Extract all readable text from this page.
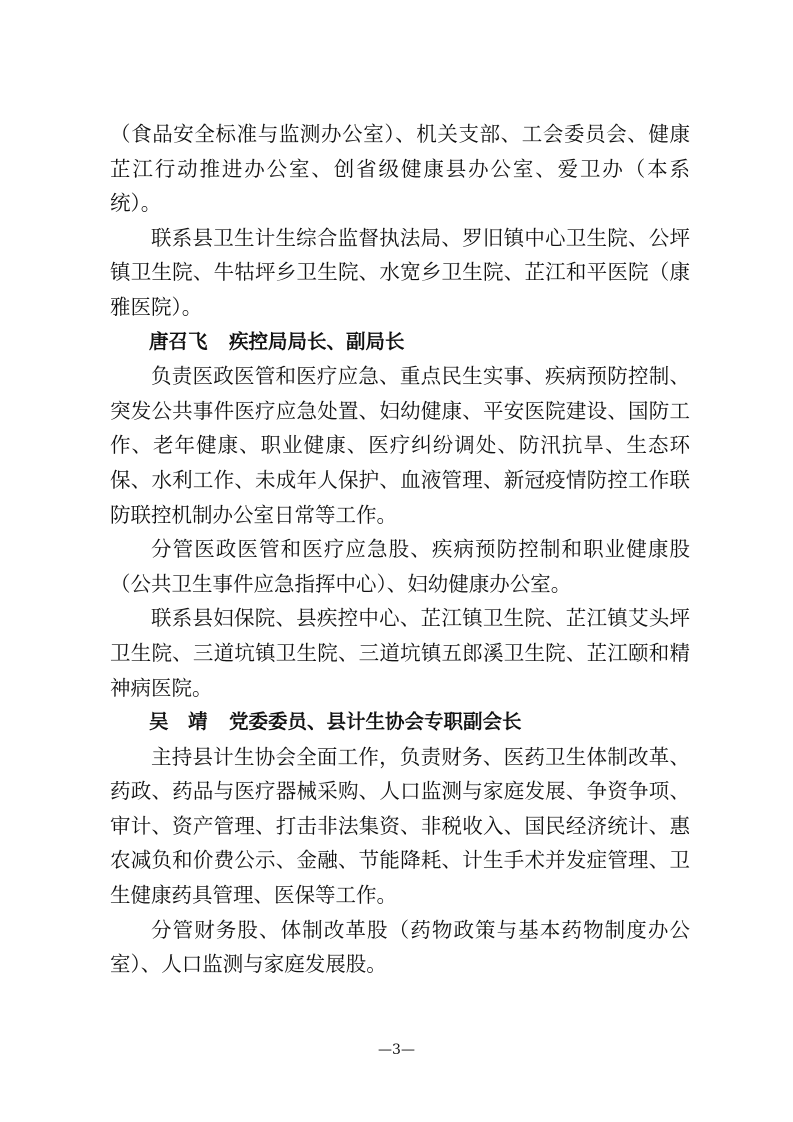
（食品安全标准与监测办公室）、机关支部、工会委员会、健康芷江行动推进办公室、创省级健康县办公室、爱卫办（本系统）。

联系县卫生计生综合监督执法局、罗旧镇中心卫生院、公坪镇卫生院、牛牯坪乡卫生院、水宽乡卫生院、芷江和平医院（康雅医院）。

唐召飞 疾控局局长、副局长

负责医政医管和医疗应急、重点民生实事、疾病预防控制、突发公共事件医疗应急处置、妇幼健康、平安医院建设、国防工作、老年健康、职业健康、医疗纠纷调处、防汛抗旱、生态环保、水利工作、未成年人保护、血液管理、新冠疫情防控工作联防联控机制办公室日常等工作。

分管医政医管和医疗应急股、疾病预防控制和职业健康股（公共卫生事件应急指挥中心）、妇幼健康办公室。

联系县妇保院、县疾控中心、芷江镇卫生院、芷江镇艾头坪卫生院、三道坑镇卫生院、三道坑镇五郎溪卫生院、芷江颐和精神病医院。

吴　靖 党委委员、县计生协会专职副会长

主持县计生协会全面工作，负责财务、医药卫生体制改革、药政、药品与医疗器械采购、人口监测与家庭发展、争资争项、审计、资产管理、打击非法集资、非税收入、国民经济统计、惠农减负和价费公示、金融、节能降耗、计生手术并发症管理、卫生健康药具管理、医保等工作。

分管财务股、体制改革股（药物政策与基本药物制度办公室）、人口监测与家庭发展股。

—3—
